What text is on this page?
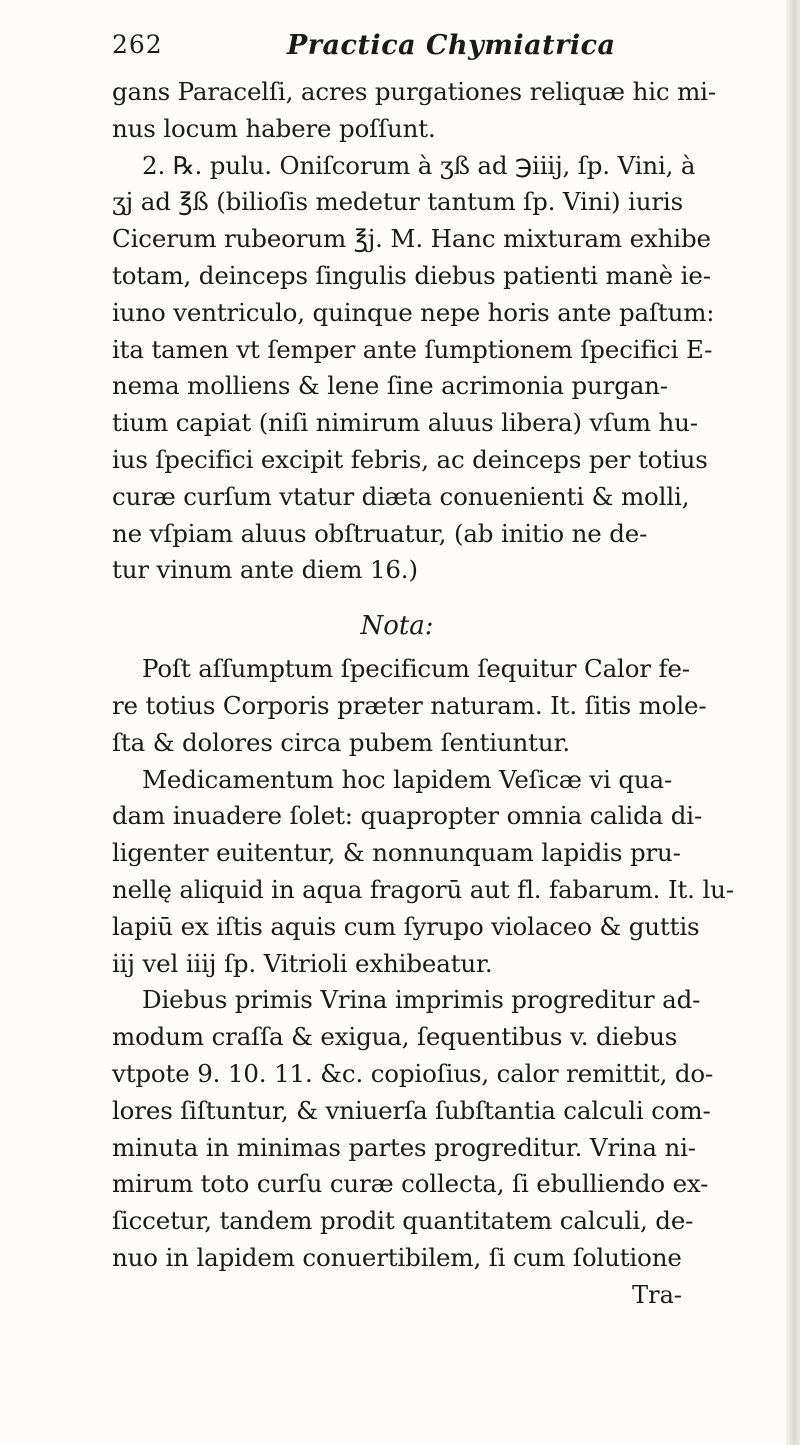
262	Practica Chymiatrica
gans Paracelſi, acres purgationes reliquæ hic mi-
nus locum habere poſſunt.
2. ℞. pulu. Oniſcorum à ʒß ad ℈iiij, ſp. Vini, à
ʒj ad ℥ß (bilioſis medetur tantum ſp. Vini) iuris
Cicerum rubeorum ℥j. M. Hanc mixturam exhibe
totam, deinceps ſingulis diebus patienti manè ie-
iuno ventriculo, quinque nepe horis ante paſtum:
ita tamen vt ſemper ante ſumptionem ſpecifici E-
nema molliens & lene ſine acrimonia purgan-
tium capiat (niſi nimirum aluus libera) vſum hu-
ius ſpecifici excipit febris, ac deinceps per totius
curæ curſum vtatur diæta conuenienti & molli,
ne vſpiam aluus obſtruatur, (ab initio ne de-
tur vinum ante diem 16.)
Nota:
Poſt aſſumptum ſpecificum ſequitur Calor fe-
re totius Corporis præter naturam. It. ſitis mole-
ſta & dolores circa pubem ſentiuntur.
Medicamentum hoc lapidem Veſicæ vi qua-
dam inuadere ſolet: quapropter omnia calida di-
ligenter euitentur, & nonnunquam lapidis pru-
nellę aliquid in aqua fragorū aut fl. fabarum. It. lu-
lapiū ex iſtis aquis cum ſyrupo violaceo & guttis
iij vel iiij ſp. Vitrioli exhibeatur.
Diebus primis Vrina imprimis progreditur ad-
modum craſſa & exigua, ſequentibus v. diebus
vtpote 9. 10. 11. &c. copioſius, calor remittit, do-
lores ſiſtuntur, & vniuerſa ſubſtantia calculi com-
minuta in minimas partes progreditur. Vrina ni-
mirum toto curſu curæ collecta, ſi ebulliendo ex-
ſiccetur, tandem prodit quantitatem calculi, de-
nuo in lapidem conuertibilem, ſi cum ſolutione
Tra-
